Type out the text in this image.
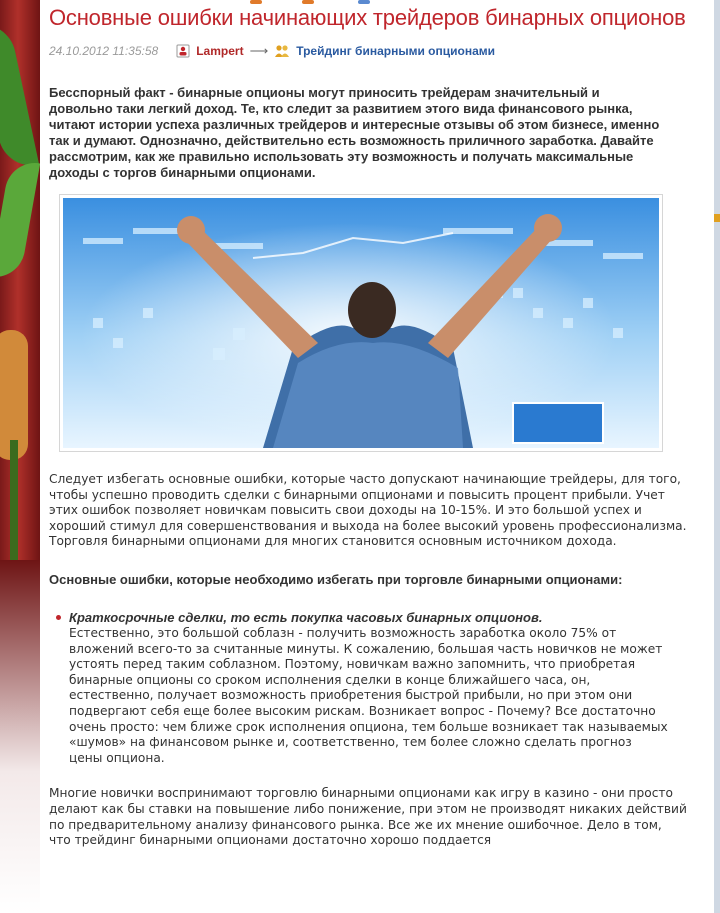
Основные ошибки начинающих трейдеров бинарных опционов
24.10.2012 11:35:58	Lampert ⟶ Трейдинг бинарными опционами

Бесспорный факт - бинарные опционы могут приносить трейдерам значительный и довольно таки легкий доход. Те, кто следит за развитием этого вида финансового рынка, читают истории успеха различных трейдеров и интересные отзывы об этом бизнесе, именно так и думают. Однозначно, действительно есть возможность приличного заработка. Давайте рассмотрим, как же правильно использовать эту возможность и получать максимальные доходы с торгов бинарными опционами.

Следует избегать основные ошибки, которые часто допускают начинающие трейдеры, для того, чтобы успешно проводить сделки с бинарными опционами и повысить процент прибыли. Учет этих ошибок позволяет новичкам повысить свои доходы на 10-15%. И это большой успех и хороший стимул для совершенствования и выхода на более высокий уровень профессионализма. Торговля бинарными опционами для многих становится основным источником дохода.

Основные ошибки, которые необходимо избегать при торговле бинарными опционами:

Краткосрочные сделки, то есть покупка часовых бинарных опционов.
Естественно, это большой соблазн - получить возможность заработка около 75% от вложений всего-то за считанные минуты. К сожалению, большая часть новичков не может устоять перед таким соблазном. Поэтому, новичкам важно запомнить, что приобретая бинарные опционы со сроком исполнения сделки в конце ближайшего часа, он, естественно, получает возможность приобретения быстрой прибыли, но при этом они подвергают себя еще более высоким рискам. Возникает вопрос - Почему? Все достаточно очень просто: чем ближе срок исполнения опциона, тем больше возникает так называемых «шумов» на финансовом рынке и, соответственно, тем более сложно сделать прогноз цены опциона.

Многие новички воспринимают торговлю бинарными опционами как игру в казино - они просто делают как бы ставки на повышение либо понижение, при этом не производят никаких действий по предварительному анализу финансового рынка. Все же их мнение ошибочное. Дело в том, что трейдинг бинарными опционами достаточно хорошо поддается
